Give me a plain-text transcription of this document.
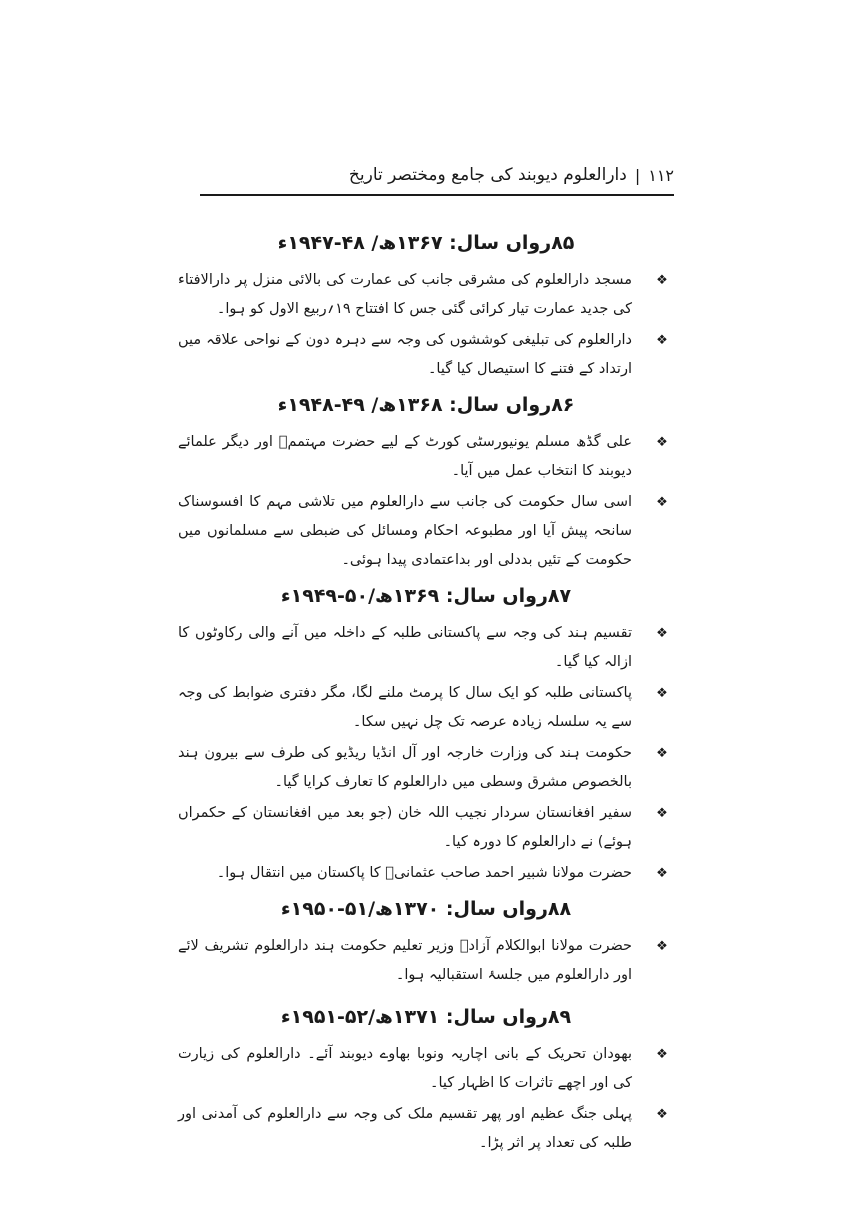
۱۱۲
|
دارالعلوم دیوبند کی جامع ومختصر تاریخ
۸۵رواں سال: ۱۳۶۷ھ/ ۴۸-۱۹۴۷ء
❖
مسجد دارالعلوم کی مشرقی جانب کی عمارت کی بالائی منزل پر دارالافتاء کی جدید عمارت تیار کرائی گئی جس کا افتتاح ۱۹؍ربیع الاول کو ہوا۔
❖
دارالعلوم کی تبلیغی کوششوں کی وجہ سے دہرہ دون کے نواحی علاقہ میں ارتداد کے فتنے کا استیصال کیا گیا۔
۸۶رواں سال: ۱۳۶۸ھ/ ۴۹-۱۹۴۸ء
❖
علی گڈھ مسلم یونیورسٹی کورٹ کے لیے حضرت مہتممؒ اور دیگر علمائے دیوبند کا انتخاب عمل میں آیا۔
❖
اسی سال حکومت کی جانب سے دارالعلوم میں تلاشی مہم کا افسوسناک سانحہ پیش آیا اور مطبوعہ احکام ومسائل کی ضبطی سے مسلمانوں میں حکومت کے تئیں بددلی اور بداعتمادی پیدا ہوئی۔
۸۷رواں سال: ۱۳۶۹ھ/۵۰-۱۹۴۹ء
❖
تقسیم ہند کی وجہ سے پاکستانی طلبہ کے داخلہ میں آنے والی رکاوٹوں کا ازالہ کیا گیا۔
❖
پاکستانی طلبہ کو ایک سال کا پرمٹ ملنے لگا، مگر دفتری ضوابط کی وجہ سے یہ سلسلہ زیادہ عرصہ تک چل نہیں سکا۔
❖
حکومت ہند کی وزارت خارجہ اور آل انڈیا ریڈیو کی طرف سے بیرون ہند بالخصوص مشرق وسطی میں دارالعلوم کا تعارف کرایا گیا۔
❖
سفیر افغانستان سردار نجیب اللہ خان (جو بعد میں افغانستان کے حکمراں ہوئے) نے دارالعلوم کا دورہ کیا۔
❖
حضرت مولانا شبیر احمد صاحب عثمانیؒ کا پاکستان میں انتقال ہوا۔
۸۸رواں سال: ۱۳۷۰ھ/۵۱-۱۹۵۰ء
❖
حضرت مولانا ابوالکلام آزادؒ وزیر تعلیم حکومت ہند دارالعلوم تشریف لائے اور دارالعلوم میں جلسۂ استقبالیہ ہوا۔
۸۹رواں سال: ۱۳۷۱ھ/۵۲-۱۹۵۱ء
❖
بھودان تحریک کے بانی اچاریہ ونوبا بھاوے دیوبند آئے۔ دارالعلوم کی زیارت کی اور اچھے تاثرات کا اظہار کیا۔
❖
پہلی جنگ عظیم اور پھر تقسیم ملک کی وجہ سے دارالعلوم کی آمدنی اور طلبہ کی تعداد پر اثر پڑا۔
